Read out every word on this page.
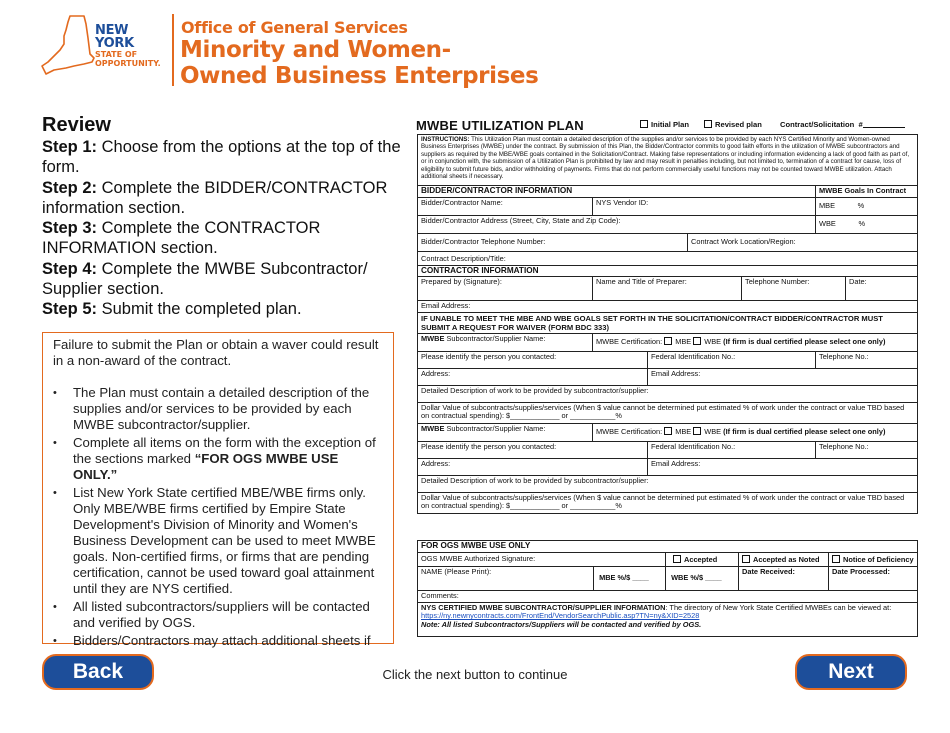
NEW YORK
STATE OF
OPPORTUNITY.
Office of General Services
Minority and Women-
Owned Business Enterprises
Review
Step 1: Choose from the options at the top of the form.
Step 2: Complete the BIDDER/CONTRACTOR information section.
Step 3: Complete the CONTRACTOR INFORMATION section.
Step 4: Complete the MWBE Subcontractor/ Supplier section.
Step 5: Submit the completed plan.

Failure to submit the Plan or obtain a waver could result in a non-award of the contract.

• The Plan must contain a detailed description of the supplies and/or services to be provided by each MWBE subcontractor/supplier.
• Complete all items on the form with the exception of the sections marked “FOR OGS MWBE USE ONLY.”
• List New York State certified MBE/WBE firms only. Only MBE/WBE firms certified by Empire State Development's Division of Minority and Women's Business Development can be used to meet MWBE goals. Non-certified firms, or firms that are pending certification, cannot be used toward goal attainment until they are NYS certified.
• All listed subcontractors/suppliers will be contacted and verified by OGS.
• Bidders/Contractors may attach additional sheets if
MWBE UTILIZATION PLAN	Initial Plan	Revised plan Contract/Solicitation #
INSTRUCTIONS: This Utilization Plan must contain a detailed description of the supplies and/or services to be provided by each NYS Certified Minority and Women-owned Business Enterprises (MWBE) under the contract. By submission of this Plan, the Bidder/Contractor commits to good faith efforts in the utilization of MWBE subcontractors and suppliers as required by the MBE/WBE goals contained in the Solicitation/Contract. Making false representations or including information evidencing a lack of good faith as part of, or in conjunction with, the submission of a Utilization Plan is prohibited by law and may result in penalties including, but not limited to, termination of a contract for cause, loss of eligibility to submit future bids, and/or withholding of payments. Firms that do not perform commercially useful functions may not be counted toward MWBE utilization. Attach additional sheets if necessary.						
BIDDER/CONTRACTOR INFORMATION					MWBE Goals In Contract	
Bidder/Contractor Name:	NYS Vendor ID:				MBE %	
Bidder/Contractor Address (Street, City, State and Zip Code):					WBE %	
Bidder/Contractor Telephone Number:			Contract Work Location/Region:			
Contract Description/Title:						
CONTRACTOR INFORMATION						
Prepared by (Signature):	Name and Title of Preparer:			Telephone Number:		Date:
Email Address:						
IF UNABLE TO MEET THE MBE AND WBE GOALS SET FORTH IN THE SOLICITATION/CONTRACT BIDDER/CONTRACTOR MUST SUBMIT A REQUEST FOR WAIVER (FORM BDC 333)						
MWBE Subcontractor/Supplier Name:	MWBE Certification: MBE WBE (If firm is dual certified please select one only)					
Please identify the person you contacted:		Federal Identification No.:			Telephone No.:	
Address:		Email Address:				
Detailed Description of work to be provided by subcontractor/supplier:						
Dollar Value of subcontracts/supplies/services (When $ value cannot be determined put estimated % of work under the contract or value TBD based on contractual spending): $____________ or ___________%						
MWBE Subcontractor/Supplier Name:	MWBE Certification: MBE WBE (If firm is dual certified please select one only)					
Please identify the person you contacted:		Federal Identification No.:			Telephone No.:	
Address:		Email Address:				
Detailed Description of work to be provided by subcontractor/supplier:						
Dollar Value of subcontracts/supplies/services (When $ value cannot be determined put estimated % of work under the contract or value TBD based on contractual spending): $____________ or ___________%						
FOR OGS MWBE USE ONLY				
OGS MWBE Authorized Signature:		Accepted	Accepted as Noted	Notice of Deficiency
NAME (Please Print):	MBE %/$ ____	WBE %/$ ____	Date Received:	Date Processed:
Comments:				
NYS CERTIFIED MWBE SUBCONTRACTOR/SUPPLIER INFORMATION: The directory of New York State Certified MWBEs can be viewed at: https://ny.newnycontracts.com/FrontEnd/VendorSearchPublic.asp?TN=ny&XID=2528
Note: All listed Subcontractors/Suppliers will be contacted and verified by OGS.				
Back	Click the next button to continue	Next
